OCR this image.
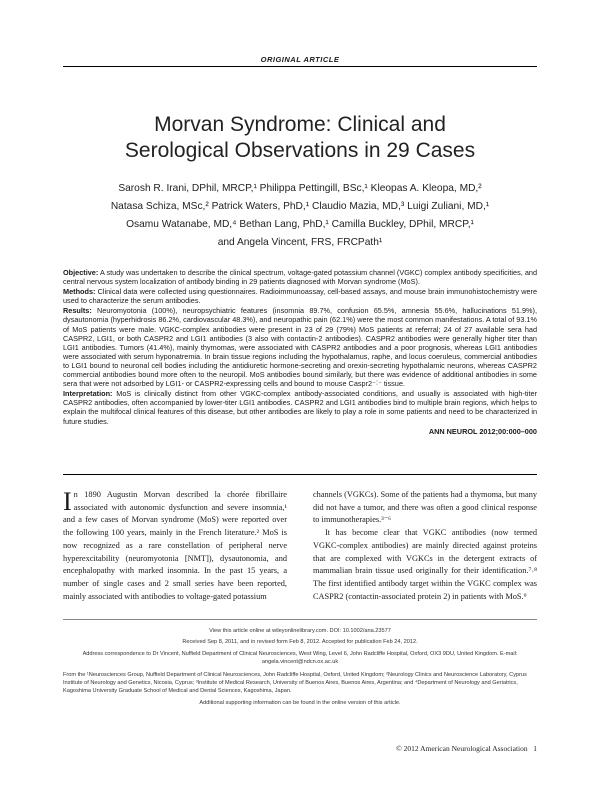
ORIGINAL ARTICLE
Morvan Syndrome: Clinical and
Serological Observations in 29 Cases
Sarosh R. Irani, DPhil, MRCP,¹ Philippa Pettingill, BSc,¹ Kleopas A. Kleopa, MD,²
Natasa Schiza, MSc,² Patrick Waters, PhD,¹ Claudio Mazia, MD,³ Luigi Zuliani, MD,¹
Osamu Watanabe, MD,⁴ Bethan Lang, PhD,¹ Camilla Buckley, DPhil, MRCP,¹
and Angela Vincent, FRS, FRCPath¹

Objective: A study was undertaken to describe the clinical spectrum, voltage-gated potassium channel (VGKC) complex antibody specificities, and central nervous system localization of antibody binding in 29 patients diagnosed with Morvan syndrome (MoS).

Methods: Clinical data were collected using questionnaires. Radioimmunoassay, cell-based assays, and mouse brain immunohistochemistry were used to characterize the serum antibodies.

Results: Neuromyotonia (100%), neuropsychiatric features (insomnia 89.7%, confusion 65.5%, amnesia 55.6%, hallucinations 51.9%), dysautonomia (hyperhidrosis 86.2%, cardiovascular 48.3%), and neuropathic pain (62.1%) were the most common manifestations. A total of 93.1% of MoS patients were male. VGKC-complex antibodies were present in 23 of 29 (79%) MoS patients at referral; 24 of 27 available sera had CASPR2, LGI1, or both CASPR2 and LGI1 antibodies (3 also with contactin-2 antibodies). CASPR2 antibodies were generally higher titer than LGI1 antibodies. Tumors (41.4%), mainly thymomas, were associated with CASPR2 antibodies and a poor prognosis, whereas LGI1 antibodies were associated with serum hyponatremia. In brain tissue regions including the hypothalamus, raphe, and locus coeruleus, commercial antibodies to LGI1 bound to neuronal cell bodies including the antidiuretic hormone-secreting and orexin-secreting hypothalamic neurons, whereas CASPR2 commercial antibodies bound more often to the neuropil. MoS antibodies bound similarly, but there was evidence of additional antibodies in some sera that were not adsorbed by LGI1- or CASPR2-expressing cells and bound to mouse Caspr2⁻˸⁻ tissue.

Interpretation: MoS is clinically distinct from other VGKC-complex antibody-associated conditions, and usually is associated with high-titer CASPR2 antibodies, often accompanied by lower-titer LGI1 antibodies. CASPR2 and LGI1 antibodies bind to multiple brain regions, which helps to explain the multifocal clinical features of this disease, but other antibodies are likely to play a role in some patients and need to be characterized in future studies.

ANN NEUROL 2012;00:000–000

In 1890 Augustin Morvan described la chorée fibrillaire associated with autonomic dysfunction and severe insomnia,¹ and a few cases of Morvan syndrome (MoS) were reported over the following 100 years, mainly in the French literature.² MoS is now recognized as a rare constellation of peripheral nerve hyperexcitability (neuromyotonia [NMT]), dysautonomia, and encephalopathy with marked insomnia. In the past 15 years, a number of single cases and 2 small series have been reported, mainly associated with antibodies to voltage-gated potassium

channels (VGKCs). Some of the patients had a thymoma, but many did not have a tumor, and there was often a good clinical response to immunotherapies.³⁻⁶

It has become clear that VGKC antibodies (now termed VGKC-complex antibodies) are mainly directed against proteins that are complexed with VGKCs in the detergent extracts of mammalian brain tissue used originally for their identification.⁷˒⁸ The first identified antibody target within the VGKC complex was CASPR2 (contactin-associated protein 2) in patients with MoS.⁹

View this article online at wileyonlinelibrary.com. DOI: 10.1002/ana.23577

Received Sep 8, 2011, and in revised form Feb 8, 2012. Accepted for publication Feb 24, 2012.

Address correspondence to Dr Vincent, Nuffield Department of Clinical Neurosciences, West Wing, Level 6, John Radcliffe Hospital, Oxford, OX3 9DU, United Kingdom. E-mail: angela.vincent@ndcn.ox.ac.uk

From the ¹Neurosciences Group, Nuffield Department of Clinical Neurosciences, John Radcliffe Hospital, Oxford, United Kingdom; ²Neurology Clinics and Neuroscience Laboratory, Cyprus Institute of Neurology and Genetics, Nicosia, Cyprus; ³Institute of Medical Research, University of Buenos Aires, Buenos Aires, Argentina; and ⁴Department of Neurology and Geriatrics, Kagoshima University Graduate School of Medical and Dental Sciences, Kagoshima, Japan.

Additional supporting information can be found in the online version of this article.

© 2012 American Neurological Association 1
